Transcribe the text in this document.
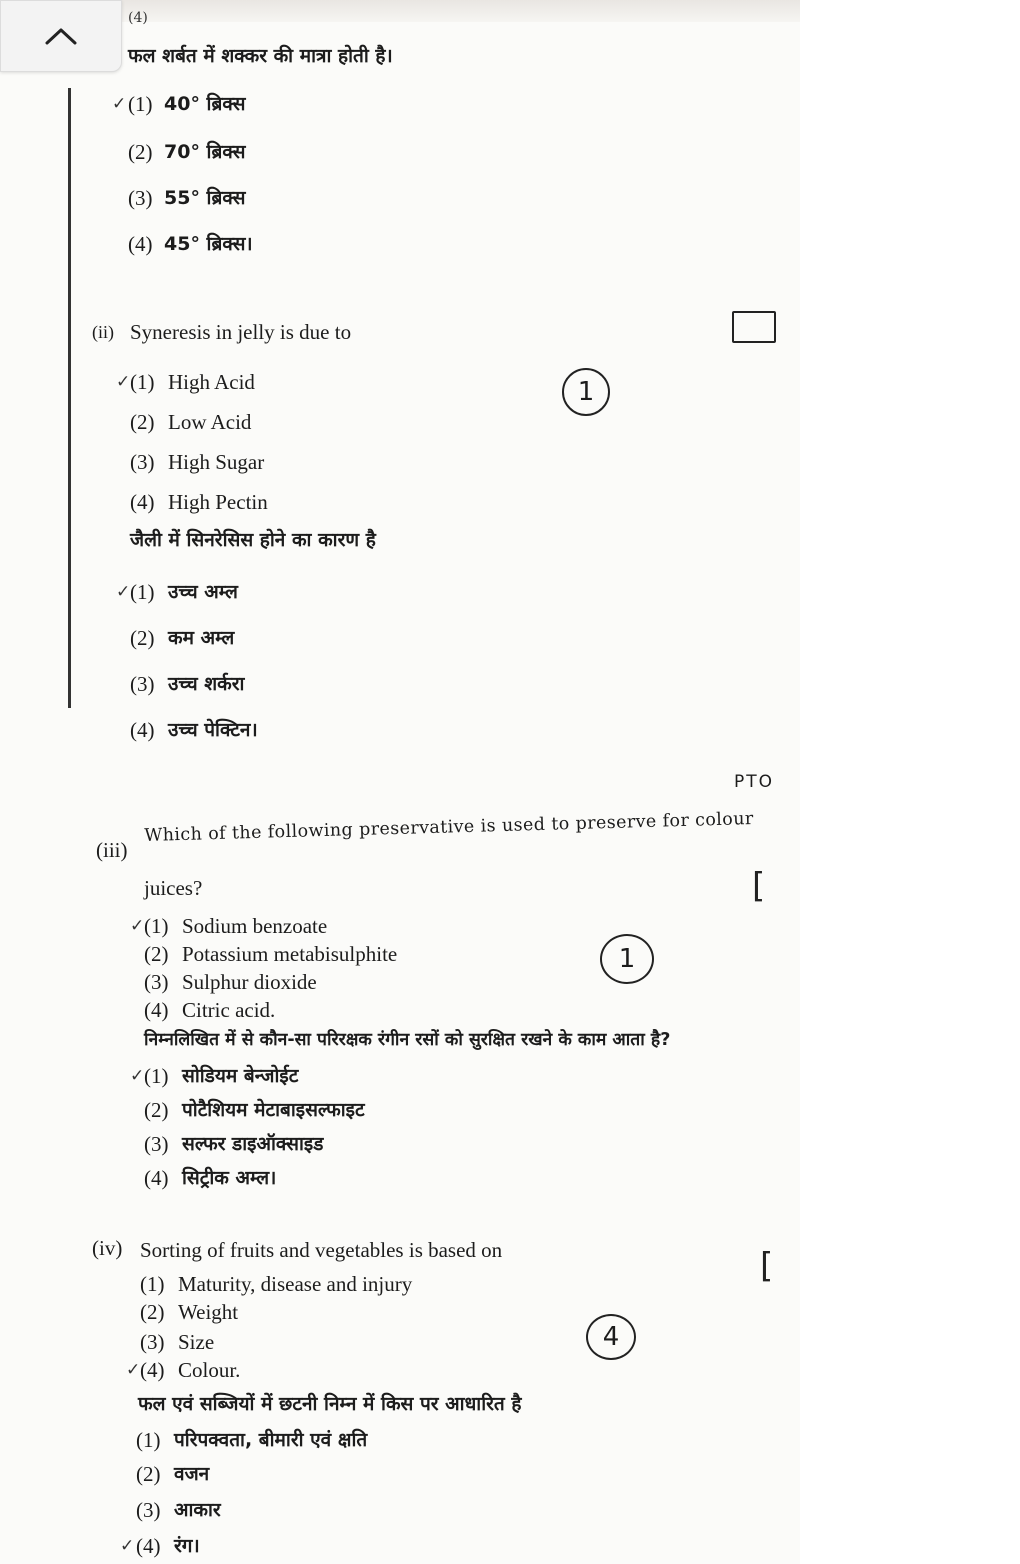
(4)
फल शर्बत में शक्कर की मात्रा होती है।
✓ (1) 40° ब्रिक्स
(2) 70° ब्रिक्स
(3) 55° ब्रिक्स
(4) 45° ब्रिक्स।
(ii) Syneresis in jelly is due to
✓ (1) High Acid	1
(2) Low Acid
(3) High Sugar
(4) High Pectin
जैली में सिनरेसिस होने का कारण है
✓ (1) उच्च अम्ल
(2) कम अम्ल
(3) उच्च शर्करा
(4) उच्च पेक्टिन।
PTO
(iii)
Which of the following preservative is used to preserve for colour
juices?	[
✓ (1) Sodium benzoate
(2) Potassium metabisulphite	1
(3) Sulphur dioxide
(4) Citric acid.
निम्नलिखित में से कौन-सा परिरक्षक रंगीन रसों को सुरक्षित रखने के काम आता है?
✓ (1) सोडियम बेन्जोईट
(2) पोटैशियम मेटाबाइसल्फाइट
(3) सल्फर डाइऑक्साइड
(4) सिट्रीक अम्ल।
(iv) Sorting of fruits and vegetables is based on	[
(1) Maturity, disease and injury
(2) Weight
4
(3) Size
✓ (4) Colour.
फल एवं सब्जियों में छटनी निम्न में किस पर आधारित है
(1) परिपक्वता, बीमारी एवं क्षति
(2) वजन
(3) आकार
✓ (4) रंग।
